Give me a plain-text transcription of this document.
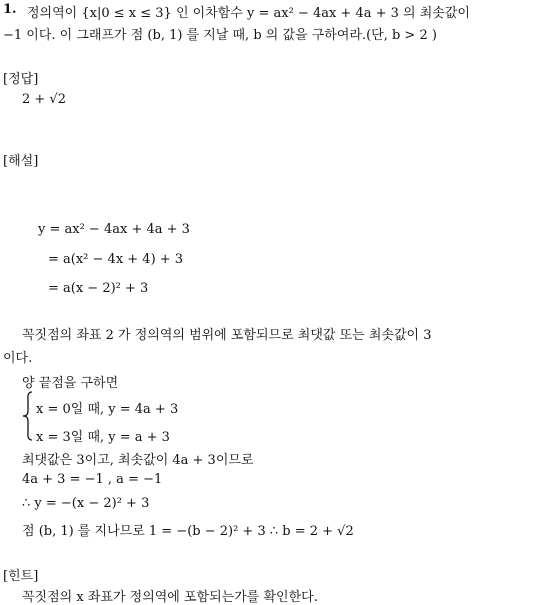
1. 정의역이 {x|0 ≤ x ≤ 3} 인 이차함수 y = ax² − 4ax + 4a + 3 의 최솟값이
−1 이다. 이 그래프가 점 (b, 1) 를 지날 때, b 의 값을 구하여라.(단, b > 2 )
[정답]
2 + √2
[해설]
y = ax² − 4ax + 4a + 3
= a(x² − 4x + 4) + 3
= a(x − 2)² + 3
꼭짓점의 좌표 2 가 정의역의 범위에 포함되므로 최댓값 또는 최솟값이 3
이다.
양 끝점을 구하면
x = 0일 때, y = 4a + 3
x = 3일 때, y = a + 3
최댓값은 3이고, 최솟값이 4a + 3이므로
4a + 3 = −1 , a = −1
∴ y = −(x − 2)² + 3
점 (b, 1) 를 지나므로 1 = −(b − 2)² + 3 ∴ b = 2 + √2
[힌트]
꼭짓점의 x 좌표가 정의역에 포함되는가를 확인한다.
